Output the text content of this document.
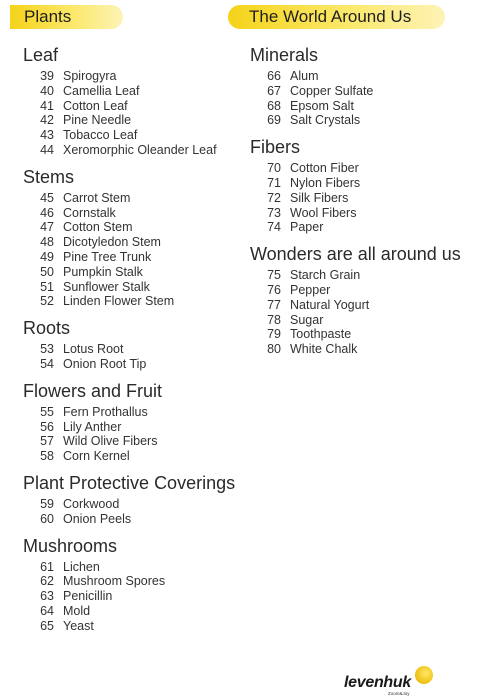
Plants	The World Around Us
Leaf
39 Spirogyra
40 Camellia Leaf
41 Cotton Leaf
42 Pine Needle
43 Tobacco Leaf
44 Xeromorphic Oleander Leaf
Stems
45 Carrot Stem
46 Cornstalk
47 Cotton Stem
48 Dicotyledon Stem
49 Pine Tree Trunk
50 Pumpkin Stalk
51 Sunflower Stalk
52 Linden Flower Stem
Roots
53 Lotus Root
54 Onion Root Tip
Flowers and Fruit
55 Fern Prothallus
56 Lily Anther
57 Wild Olive Fibers
58 Corn Kernel
Plant Protective Coverings
59 Corkwood
60 Onion Peels
Mushrooms
61 Lichen
62 Mushroom Spores
63 Penicillin
64 Mold
65 Yeast
Minerals
66 Alum
67 Copper Sulfate
68 Epsom Salt
69 Salt Crystals
Fibers
70 Cotton Fiber
71 Nylon Fibers
72 Silk Fibers
73 Wool Fibers
74 Paper
Wonders are all around us
75 Starch Grain
76 Pepper
77 Natural Yogurt
78 Sugar
79 Toothpaste
80 White Chalk
levenhuk
Zoom&Joy
